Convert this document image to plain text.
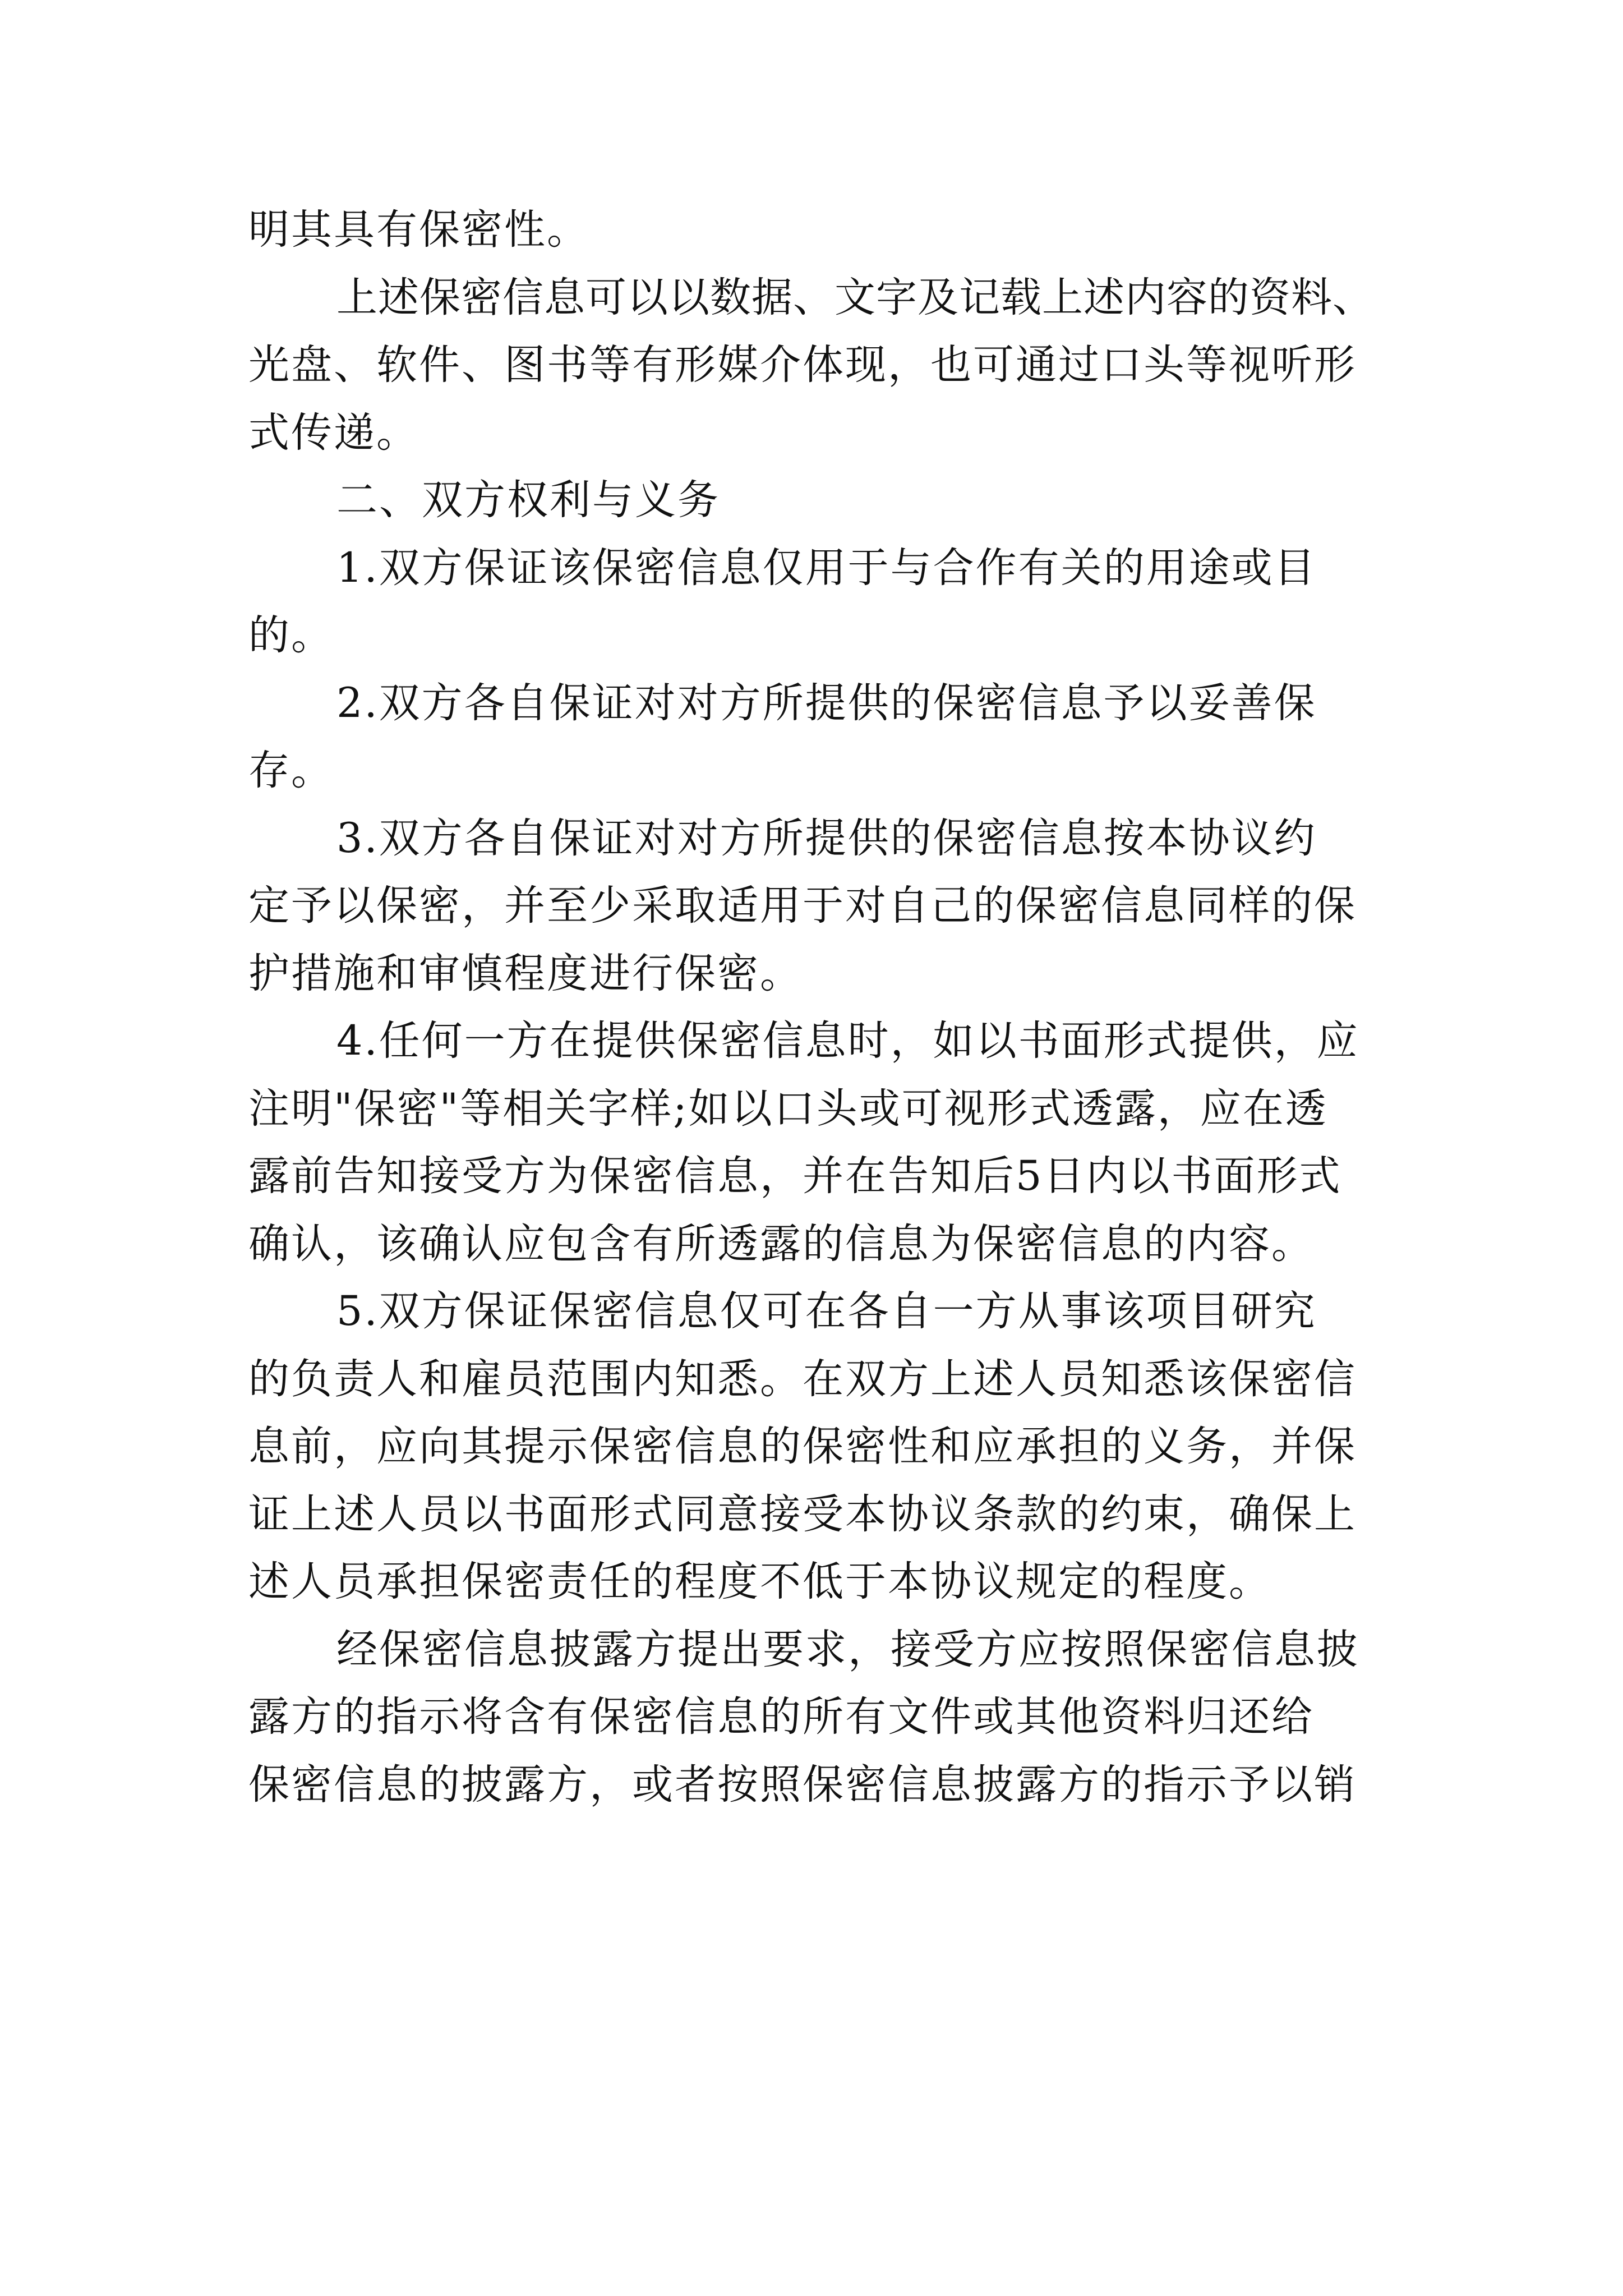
明其具有保密性。

上述保密信息可以以数据、文字及记载上述内容的资料、

光盘、软件、图书等有形媒介体现，也可通过口头等视听形

式传递。

二、双方权利与义务

1.双方保证该保密信息仅用于与合作有关的用途或目

的。

2.双方各自保证对对方所提供的保密信息予以妥善保

存。

3.双方各自保证对对方所提供的保密信息按本协议约

定予以保密，并至少采取适用于对自己的保密信息同样的保

护措施和审慎程度进行保密。

4.任何一方在提供保密信息时，如以书面形式提供，应

注明"保密"等相关字样;如以口头或可视形式透露，应在透

露前告知接受方为保密信息，并在告知后5日内以书面形式

确认，该确认应包含有所透露的信息为保密信息的内容。

5.双方保证保密信息仅可在各自一方从事该项目研究

的负责人和雇员范围内知悉。在双方上述人员知悉该保密信

息前，应向其提示保密信息的保密性和应承担的义务，并保

证上述人员以书面形式同意接受本协议条款的约束，确保上

述人员承担保密责任的程度不低于本协议规定的程度。

经保密信息披露方提出要求，接受方应按照保密信息披

露方的指示将含有保密信息的所有文件或其他资料归还给

保密信息的披露方，或者按照保密信息披露方的指示予以销
